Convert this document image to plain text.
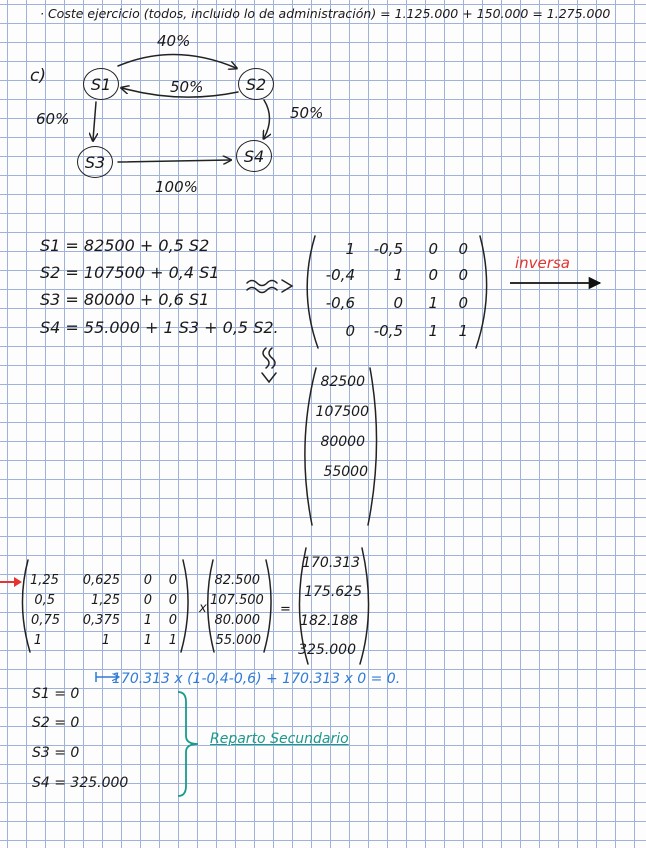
· Coste ejercicio (todos, incluido lo de administración) = 1.125.000 + 150.000 = 1.275.000
c)	S1	S2
S3	S4
40%
50%
60%	50%
100%
S1 = 82500 + 0,5 S2
S2 = 107500 + 0,4 S1
S3 = 80000 + 0,6 S1
S4 = 55.000 + 1 S3 + 0,5 S2.
1	-0,5	0	0
-0,4	1	0	0
-0,6	0	1	0
0	-0,5	1	1
inversa
82500
107500
80000
55000
1,25 0,625 0 0
0,5	1,25 0 0
0,75 0,375 1 0
1	1	1 1
x
82.500
107.500
80.000
55.000
=
170.313
175.625
182.188
325.000
170.313 x (1-0,4-0,6) + 170.313 x 0 = 0.
S1 = 0
S2 = 0
S3 = 0
S4 = 325.000
Reparto Secundario
